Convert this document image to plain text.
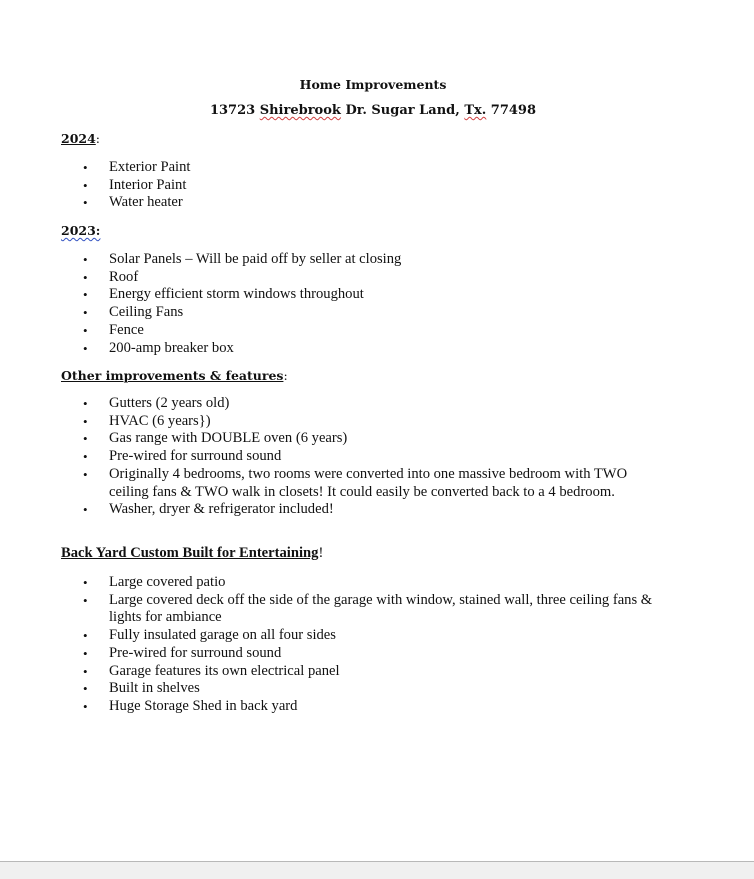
Home Improvements
13723 Shirebrook Dr. Sugar Land, Tx. 77498
2024:
• Exterior Paint
• Interior Paint
• Water heater
2023:
• Solar Panels – Will be paid off by seller at closing
• Roof
• Energy efficient storm windows throughout
• Ceiling Fans
• Fence
• 200-amp breaker box
Other improvements & features:
• Gutters (2 years old)
• HVAC (6 years})
• Gas range with DOUBLE oven (6 years)
• Pre-wired for surround sound
• Originally 4 bedrooms, two rooms were converted into one massive bedroom with TWO ceiling fans & TWO walk in closets! It could easily be converted back to a 4 bedroom.
• Washer, dryer & refrigerator included!
Back Yard Custom Built for Entertaining!
• Large covered patio
• Large covered deck off the side of the garage with window, stained wall, three ceiling fans & lights for ambiance
• Fully insulated garage on all four sides
• Pre-wired for surround sound
• Garage features its own electrical panel
• Built in shelves
• Huge Storage Shed in back yard
